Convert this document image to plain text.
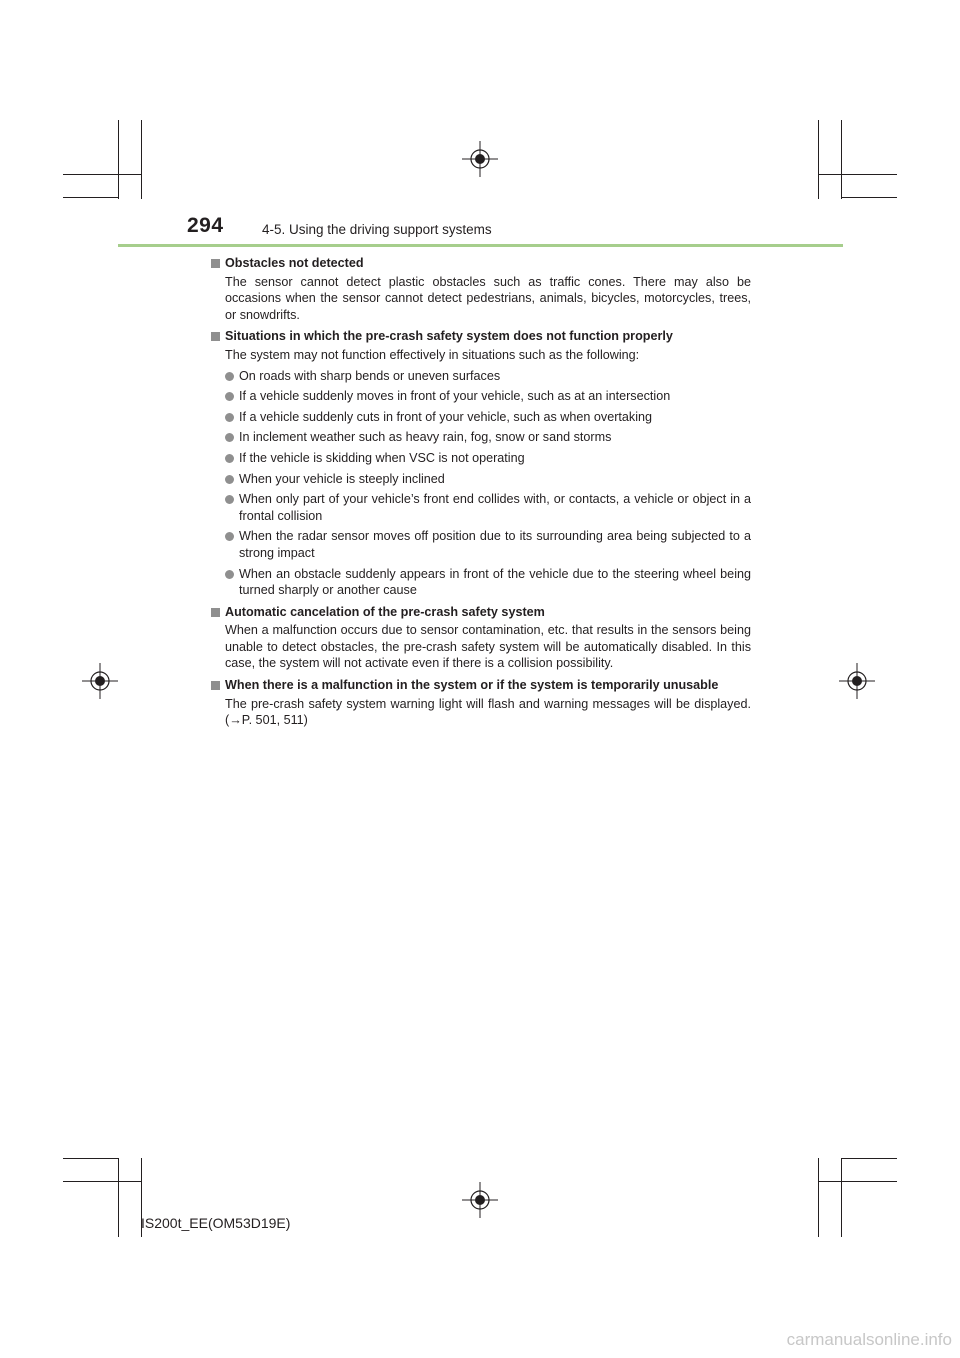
294	4-5. Using the driving support systems
Obstacles not detected
The sensor cannot detect plastic obstacles such as traffic cones. There may also be occasions when the sensor cannot detect pedestrians, animals, bicycles, motorcycles, trees, or snowdrifts.
Situations in which the pre-crash safety system does not function properly
The system may not function effectively in situations such as the following:
On roads with sharp bends or uneven surfaces
If a vehicle suddenly moves in front of your vehicle, such as at an intersection
If a vehicle suddenly cuts in front of your vehicle, such as when overtaking
In inclement weather such as heavy rain, fog, snow or sand storms
If the vehicle is skidding when VSC is not operating
When your vehicle is steeply inclined
When only part of your vehicle’s front end collides with, or contacts, a vehicle or object in a frontal collision
When the radar sensor moves off position due to its surrounding area being subjected to a strong impact
When an obstacle suddenly appears in front of the vehicle due to the steering wheel being turned sharply or another cause
Automatic cancelation of the pre-crash safety system
When a malfunction occurs due to sensor contamination, etc. that results in the sensors being unable to detect obstacles, the pre-crash safety system will be automatically disabled. In this case, the system will not activate even if there is a collision possibility.
When there is a malfunction in the system or if the system is temporarily unusable
The pre-crash safety system warning light will flash and warning messages will be displayed. (→P. 501, 511)
IS200t_EE(OM53D19E)
carmanualsonline.info
